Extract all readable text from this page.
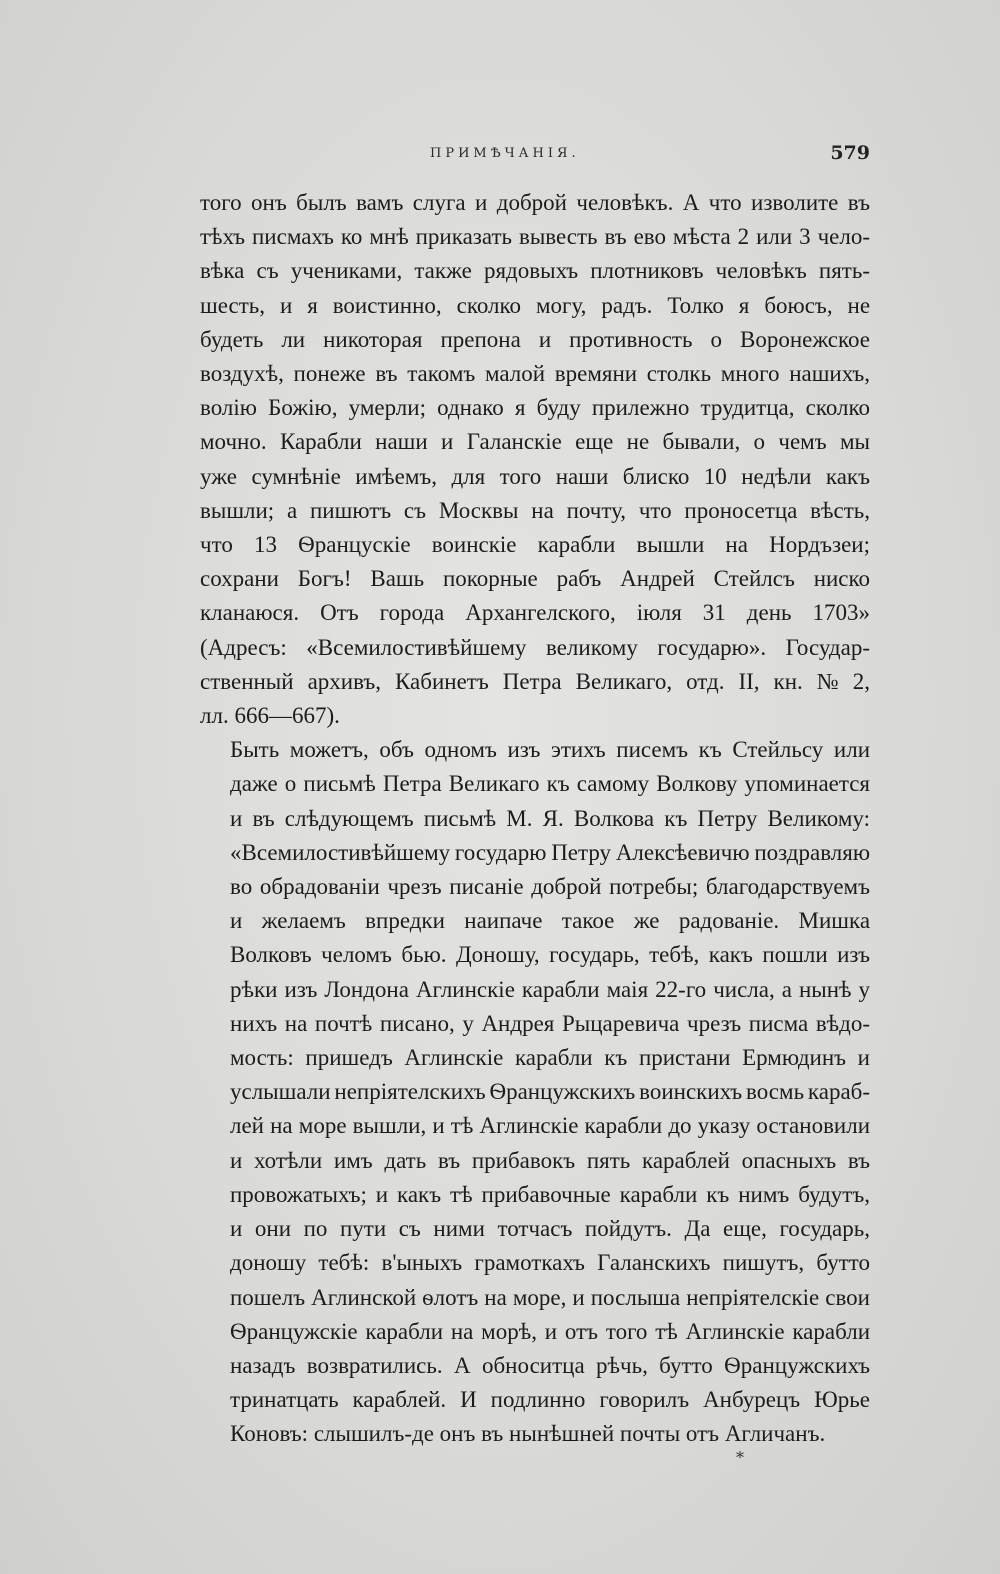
ПРИМѢЧАНІЯ.	579
того онъ былъ вамъ слуга и доброй человѣкъ. А что изволите въ
тѣхъ писмахъ ко мнѣ приказать вывесть въ ево мѣста 2 или 3 чело-
вѣка съ учениками, также рядовыхъ плотниковъ человѣкъ пять-
шесть, и я воистинно, сколко могу, радъ. Толко я боюсъ, не
будеть ли никоторая препона и противность о Воронежское
воздухѣ, понеже въ такомъ малой времяни столкь много нашихъ,
волію Божію, умерли; однако я буду прилежно трудитца, сколко
мочно. Карабли наши и Галанскіе еще не бывали, о чемъ мы
уже сумнѣніе имѣемъ, для того наши блиско 10 недѣли какъ
вышли; а пишютъ съ Москвы на почту, что проносетца вѣсть,
что 13 Ѳранцускіе воинскіе карабли вышли на Нордъзеи;
сохрани Богъ! Вашь покорные рабъ Андрей Стейлсъ ниско
кланаюся. Отъ города Архангелского, іюля 31 день 1703»
(Адресъ: «Всемилостивѣйшему великому государю». Государ-
ственный архивъ, Кабинетъ Петра Великаго, отд. II, кн. № 2,
лл. 666—667).
Быть можетъ, объ одномъ изъ этихъ писемъ къ Стейльсу или
даже о письмѣ Петра Великаго къ самому Волкову упоминается
и въ слѣдующемъ письмѣ М. Я. Волкова къ Петру Великому:
«Всемилостивѣйшему государю Петру Алексѣевичю поздравляю
во обрадованіи чрезъ писаніе доброй потребы; благодарствуемъ
и желаемъ впредки наипаче такое же радованіе. Мишка
Волковъ челомъ бью. Доношу, государь, тебѣ, какъ пошли изъ
рѣки изъ Лондона Аглинскіе карабли маія 22-го числа, а нынѣ у
нихъ на почтѣ писано, у Андрея Рыцаревича чрезъ писма вѣдо-
мость: пришедъ Аглинскіе карабли къ пристани Ермюдинъ и
услышали непріятелскихъ Ѳранцужскихъ воинскихъ восмь караб-
лей на море вышли, и тѣ Аглинскіе карабли до указу остановили
и хотѣли имъ дать въ прибавокъ пять караблей опасныхъ въ
провожатыхъ; и какъ тѣ прибавочные карабли къ нимъ будутъ,
и они по пути съ ними тотчасъ пойдутъ. Да еще, государь,
доношу тебѣ: в'ыныхъ грамоткахъ Галанскихъ пишутъ, бутто
пошелъ Аглинской ѳлотъ на море, и послыша непріятелскіе свои
Ѳранцужскіе карабли на морѣ, и отъ того тѣ Аглинскіе карабли
назадъ возвратились. А обноситца рѣчь, бутто Ѳранцужскихъ
тринатцать караблей. И подлинно говорилъ Анбурецъ Юрье
Коновъ: слышилъ-де онъ въ нынѣшней почты отъ Агличанъ.
*
